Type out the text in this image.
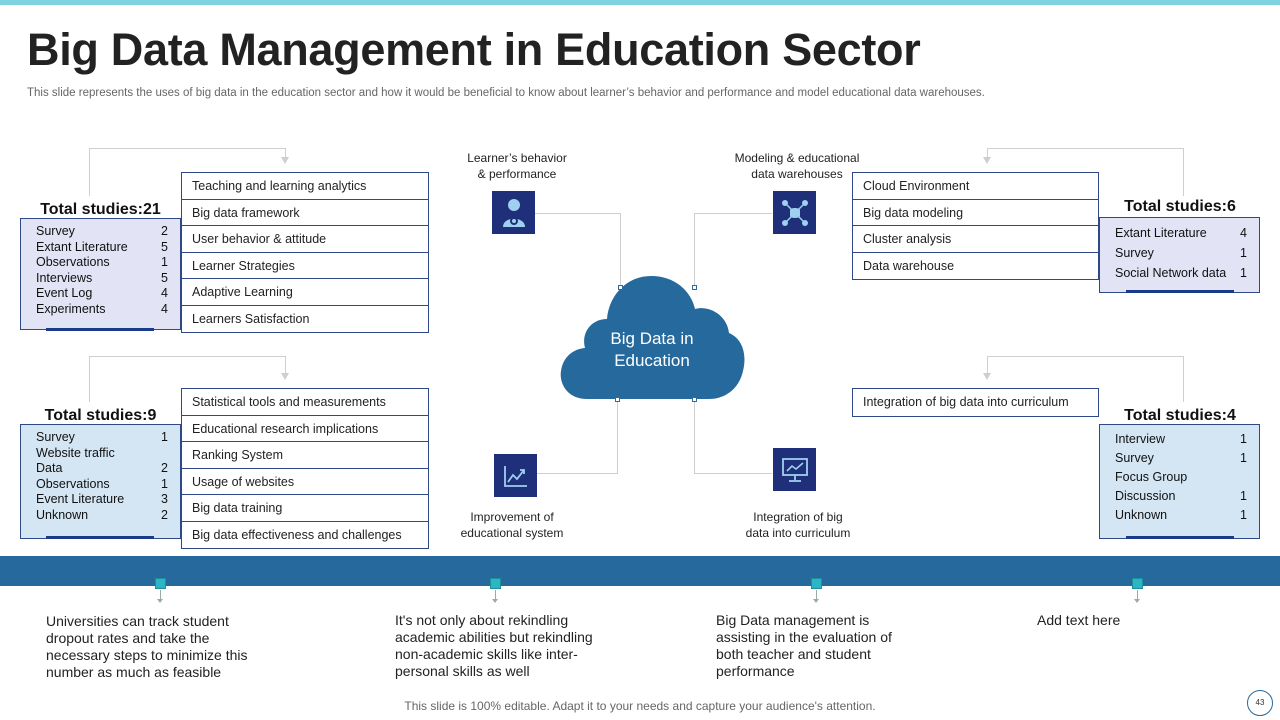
Big Data Management in Education Sector
This slide represents the uses of big data in the education sector and how it would be beneficial to know about learner’s behavior and performance and model educational data warehouses.
Total studies:21
Survey	2
Extant Literature	5
Observations	1
Interviews	5
Event Log	4
Experiments	4
Teaching and learning analytics
Big data framework
User behavior & attitude
Learner Strategies
Adaptive Learning
Learners Satisfaction
Learner’s behavior
& performance
Modeling & educational
data warehouses
Cloud Environment
Big data modeling
Cluster analysis
Data warehouse
Total studies:6
Extant Literature	4
Survey	1
Social Network data 1
Big Data in
Education
Total studies:9
Survey	1
Website traffic
Data	2
Observations	1
Event Literature	3
Unknown	2
Statistical tools and measurements
Educational research implications
Ranking System
Usage of websites
Big data training
Big data effectiveness and challenges
Improvement of
educational system
Integration of big
data into curriculum
Integration of big data into curriculum
Total studies:4
Interview	1
Survey	1
Focus Group
Discussion	1
Unknown	1
Universities can track student
dropout rates and take the
necessary steps to minimize this
number as much as feasible
It's not only about rekindling
academic abilities but rekindling
non-academic skills like inter-
personal skills as well
Big Data management is
assisting in the evaluation of
both teacher and student
performance
Add text here
This slide is 100% editable. Adapt it to your needs and capture your audience's attention.	43
